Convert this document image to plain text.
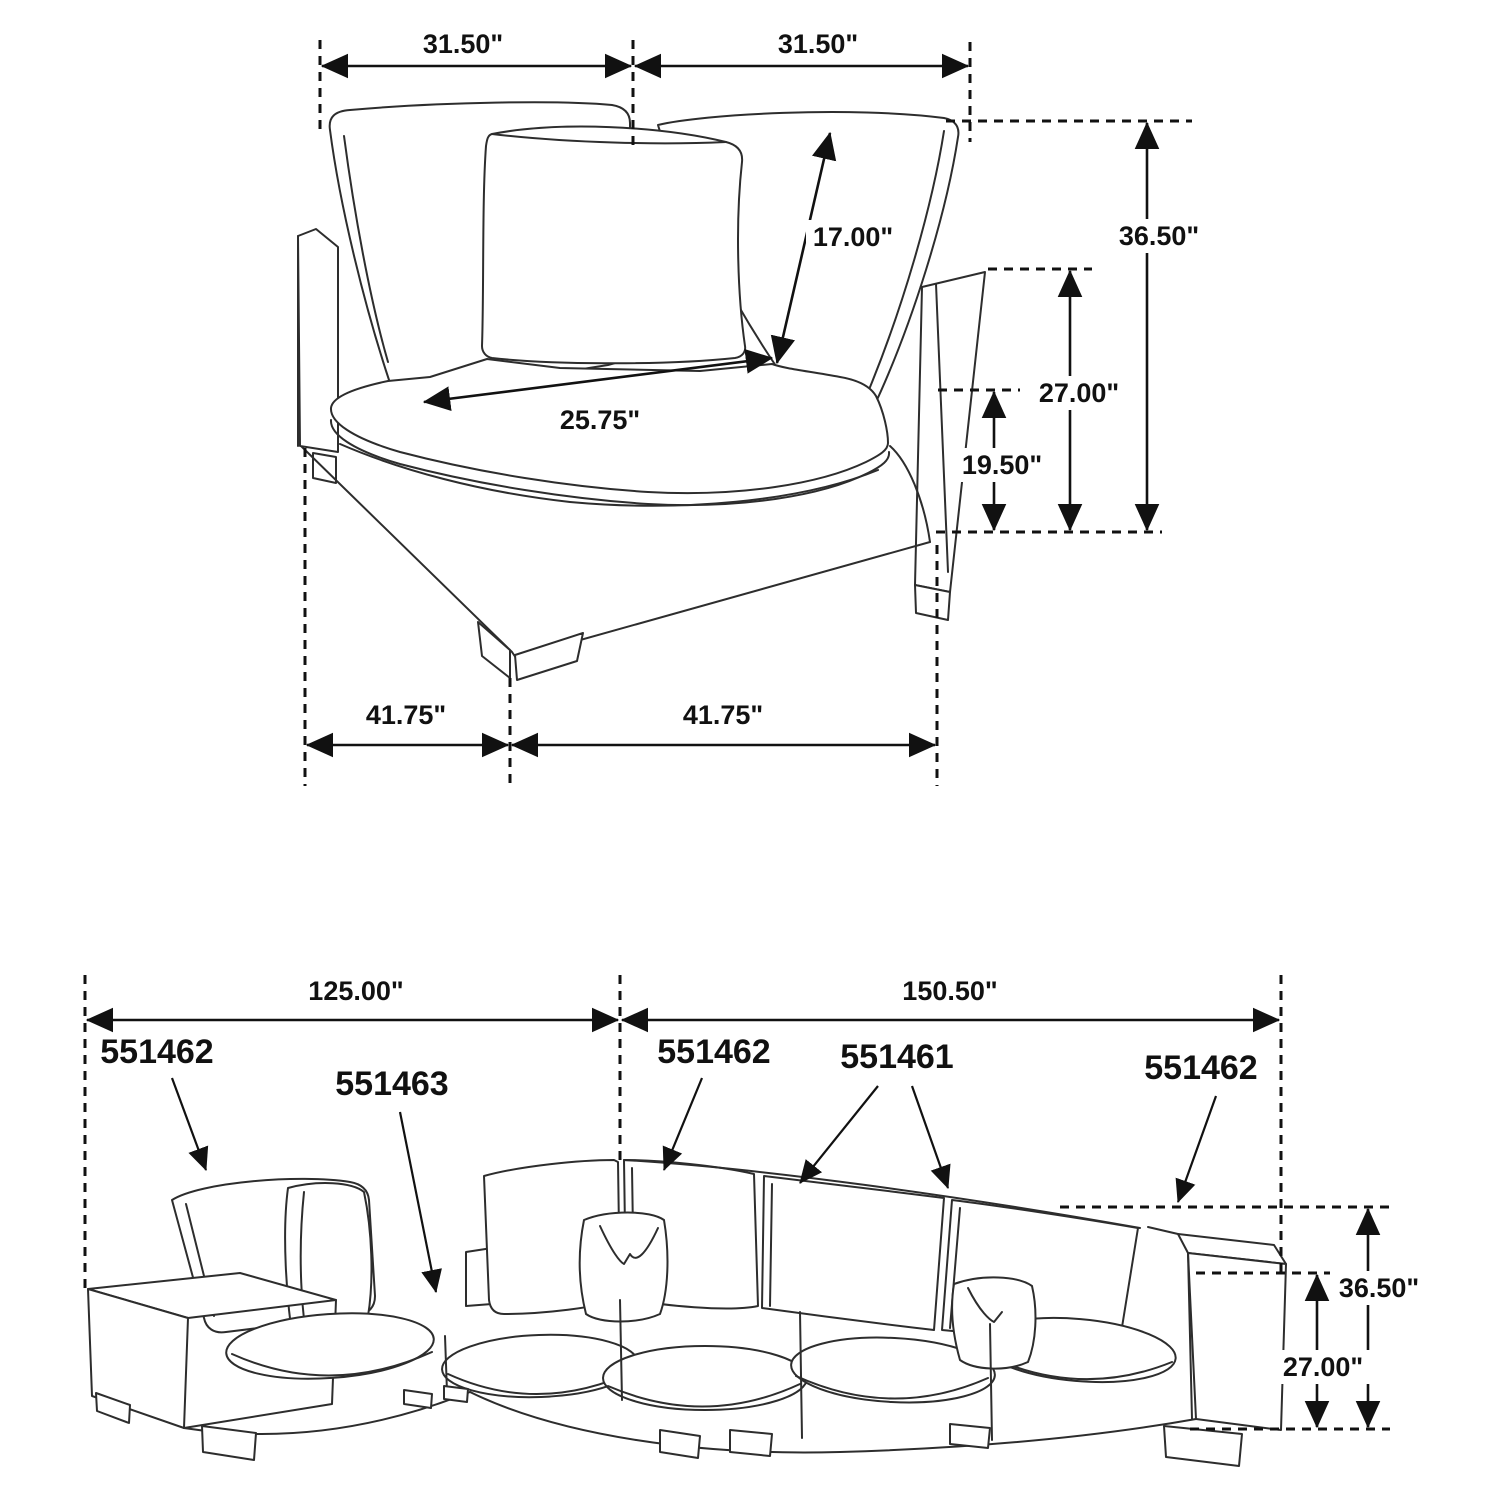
31.50"	31.50"
36.50"
27.00"
19.50"
17.00"
25.75"
41.75"	41.75"
125.00"	150.50"
36.50"
27.00"
551462
551463
551462 551461	551462
